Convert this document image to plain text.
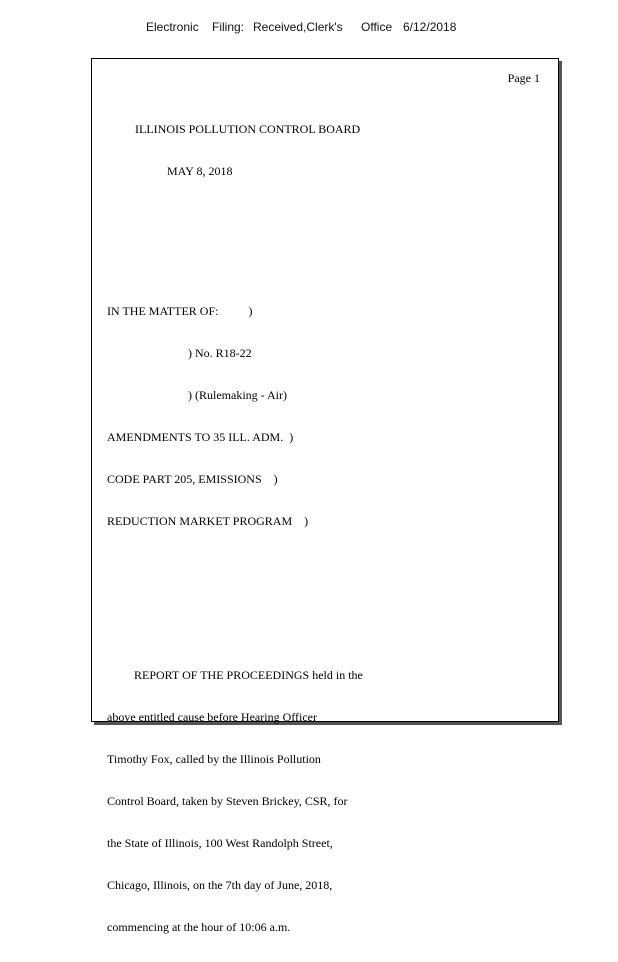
Electronic

Filing:

Received,Clerk's

Office

6/12/2018

Page 1

ILLINOIS POLLUTION CONTROL BOARD

MAY 8, 2018

IN THE MATTER OF:          )

) No. R18-22

) (Rulemaking - Air)

AMENDMENTS TO 35 ILL. ADM.  )

CODE PART 205, EMISSIONS    )

REDUCTION MARKET PROGRAM    )

REPORT OF THE PROCEEDINGS held in the

above entitled cause before Hearing Officer

Timothy Fox, called by the Illinois Pollution

Control Board, taken by Steven Brickey, CSR, for

the State of Illinois, 100 West Randolph Street,

Chicago, Illinois, on the 7th day of June, 2018,

commencing at the hour of 10:06 a.m.
